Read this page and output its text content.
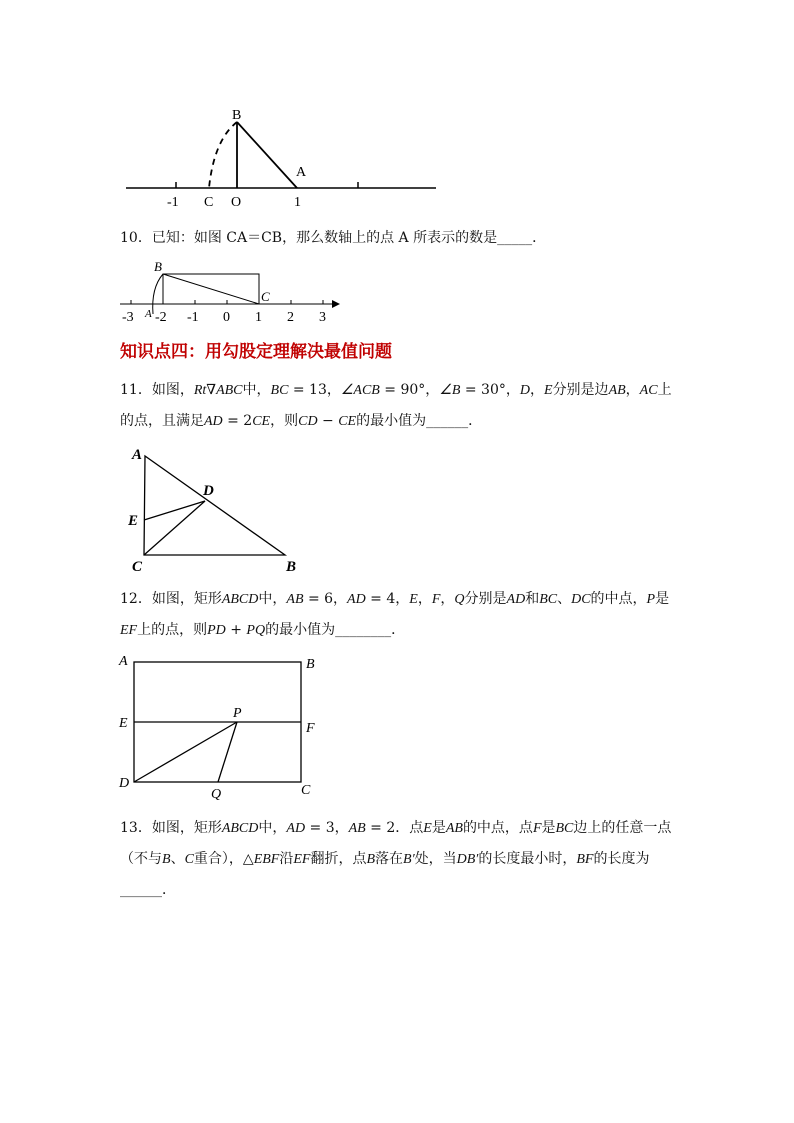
B
A
-1 C O	1
10．已知：如图 CA＝CB，那么数轴上的点 A 所表示的数是_____．
B
C
A
-3 -2 -1 0 1 2 3
知识点四：用勾股定理解决最值问题
11．如图，Rt∇ABC中，BC = 13，∠ACB = 90°，∠B = 30°，D，E分别是边AB，AC上的点，且满足AD = 2CE，则CD − CE的最小值为______．
A
D
E
C	B
12．如图，矩形ABCD中，AB = 6，AD = 4，E，F，Q分别是AD和BC、DC的中点，P是EF上的点，则PD + PQ的最小值为________．
A	B
E
P
F
D
Q	C
13．如图，矩形ABCD中，AD = 3，AB = 2．点E是AB的中点，点F是BC边上的任意一点（不与B、C重合），△EBF沿EF翻折，点B落在B′处，当DB′的长度最小时，BF的长度为______．
